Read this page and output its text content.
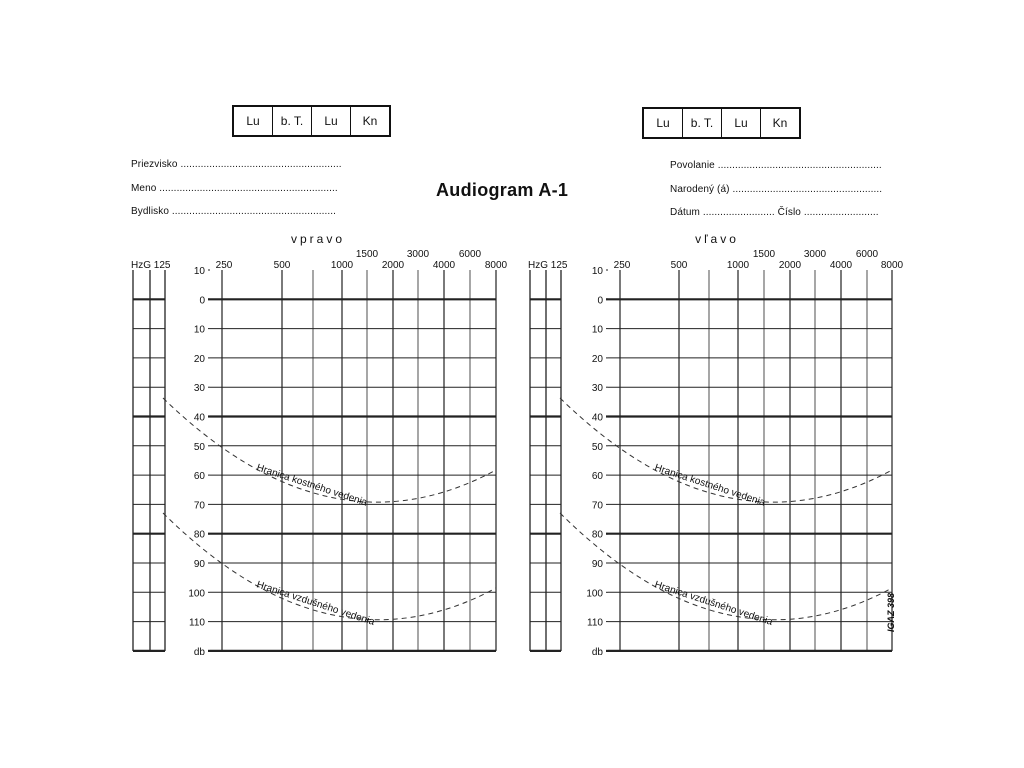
Lu	b. T.	Lu	Kn	Lu	b. T.	Lu	Kn
Priezvisko ........................................................
Meno ..............................................................
Bydlisko .........................................................
Povolanie .........................................................
Narodený (á) ....................................................
Dátum ......................... Číslo ..........................
Audiogram A-1
vpravo
1500	3000	6000
HzG 125	250	500	1000	2000	4000	8000
10
0
10
20
30
40
50
60
70
80
90
100
110
db
Hranica kostného vedenia
Hranica vzdušného vedenia
vľavo
1500	3000	6000
HzG 125	250	500	1000	2000	4000	8000
10
0
10
20
30
40
50
60
70
80
90
100
110
db
Hranica kostného vedenia
Hranica vzdušného vedenia	IGAZ 398
